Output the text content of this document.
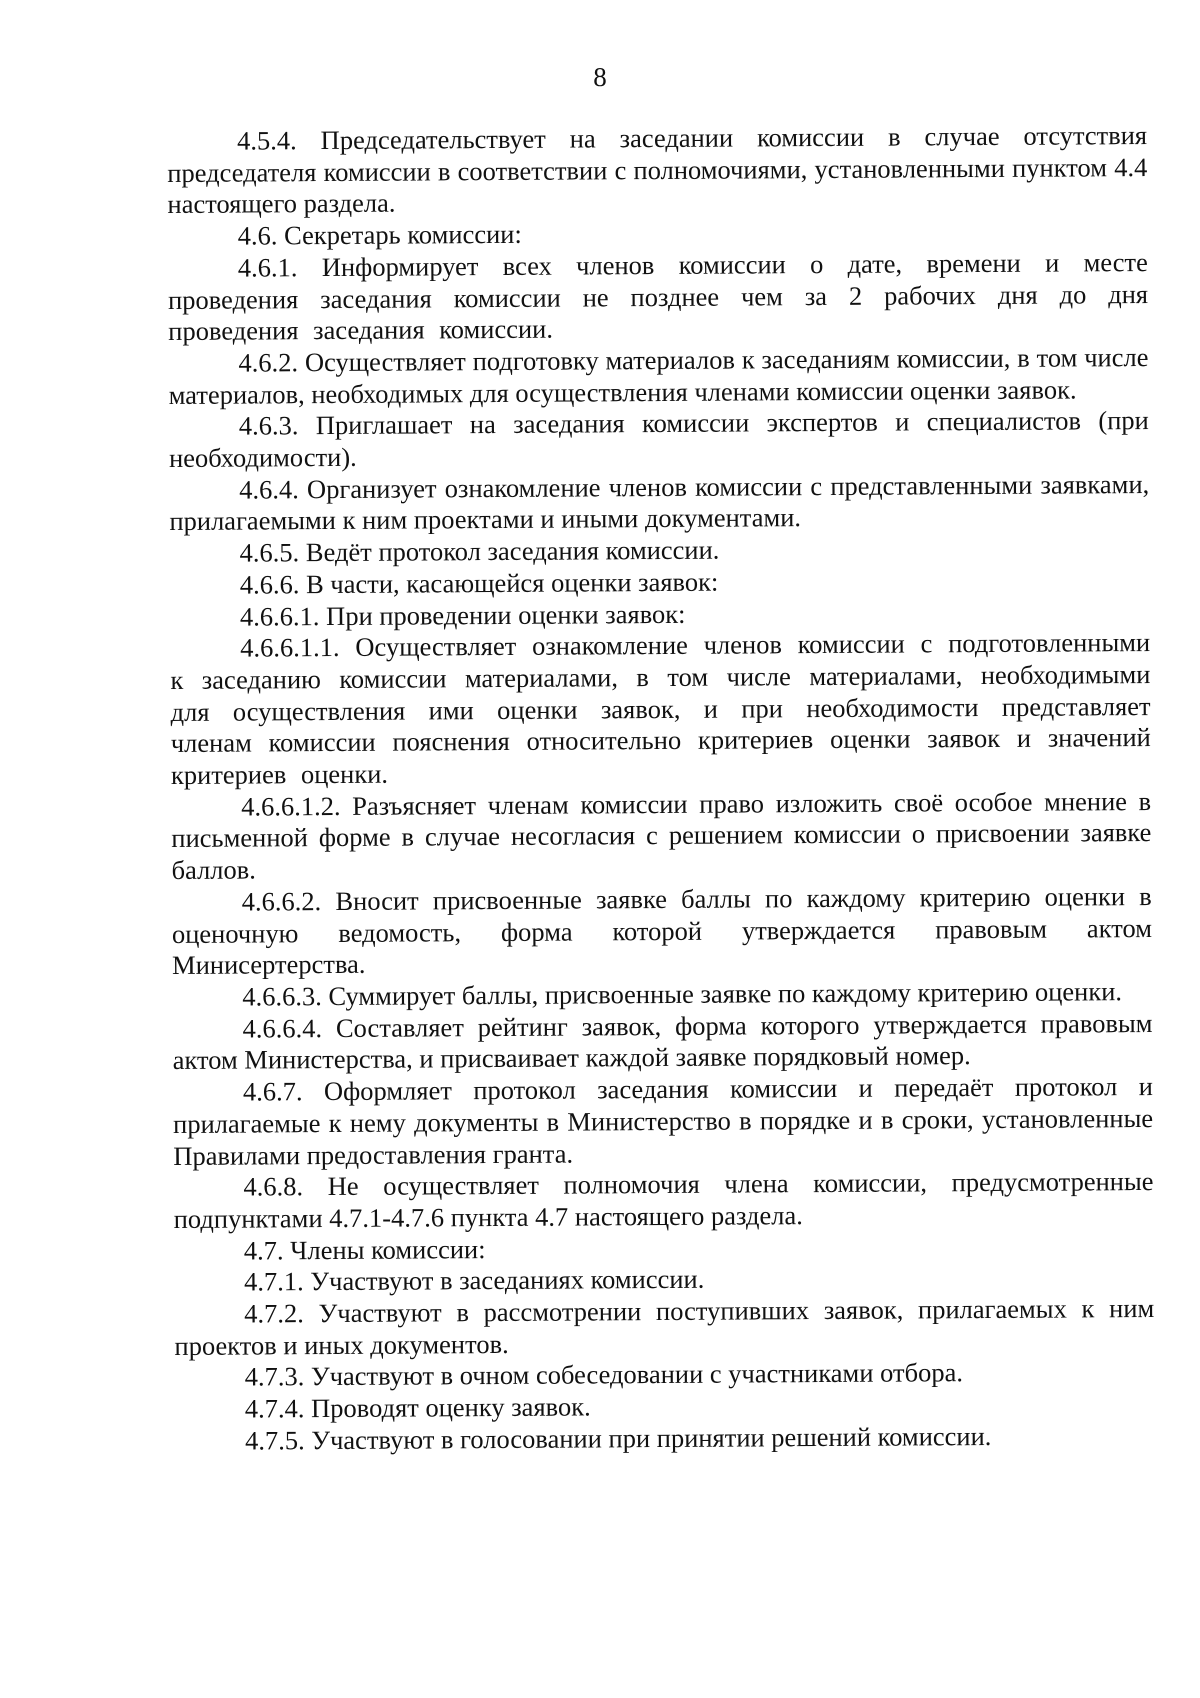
8

4.5.4. Председательствует на заседании комиссии в случае отсутствия председателя комиссии в соответствии с полномочиями, установленными пунктом 4.4 настоящего раздела.

4.6. Секретарь комиссии:

4.6.1. Информирует всех членов комиссии о дате, времени и месте проведения заседания комиссии не позднее чем за 2 рабочих дня до дня проведения заседания комиссии.

4.6.2. Осуществляет подготовку материалов к заседаниям комиссии, в том числе материалов, необходимых для осуществления членами комиссии оценки заявок.

4.6.3. Приглашает на заседания комиссии экспертов и специалистов (при необходимости).

4.6.4. Организует ознакомление членов комиссии с представленными заявками, прилагаемыми к ним проектами и иными документами.

4.6.5. Ведёт протокол заседания комиссии.

4.6.6. В части, касающейся оценки заявок:

4.6.6.1. При проведении оценки заявок:

4.6.6.1.1. Осуществляет ознакомление членов комиссии с подготовленными к заседанию комиссии материалами, в том числе материалами, необходимыми для осуществления ими оценки заявок, и при необходимости представляет членам комиссии пояснения относительно критериев оценки заявок и значений критериев оценки.

4.6.6.1.2. Разъясняет членам комиссии право изложить своё особое мнение в письменной форме в случае несогласия с решением комиссии о присвоении заявке баллов.

4.6.6.2. Вносит присвоенные заявке баллы по каждому критерию оценки в оценочную ведомость, форма которой утверждается правовым актом Минисертерства.

4.6.6.3. Суммирует баллы, присвоенные заявке по каждому критерию оценки.

4.6.6.4. Составляет рейтинг заявок, форма которого утверждается правовым актом Министерства, и присваивает каждой заявке порядковый номер.

4.6.7. Оформляет протокол заседания комиссии и передаёт протокол и прилагаемые к нему документы в Министерство в порядке и в сроки, установленные Правилами предоставления гранта.

4.6.8. Не осуществляет полномочия члена комиссии, предусмотренные подпунктами 4.7.1-4.7.6 пункта 4.7 настоящего раздела.

4.7. Члены комиссии:

4.7.1. Участвуют в заседаниях комиссии.

4.7.2. Участвуют в рассмотрении поступивших заявок, прилагаемых к ним проектов и иных документов.

4.7.3. Участвуют в очном собеседовании с участниками отбора.

4.7.4. Проводят оценку заявок.

4.7.5. Участвуют в голосовании при принятии решений комиссии.
